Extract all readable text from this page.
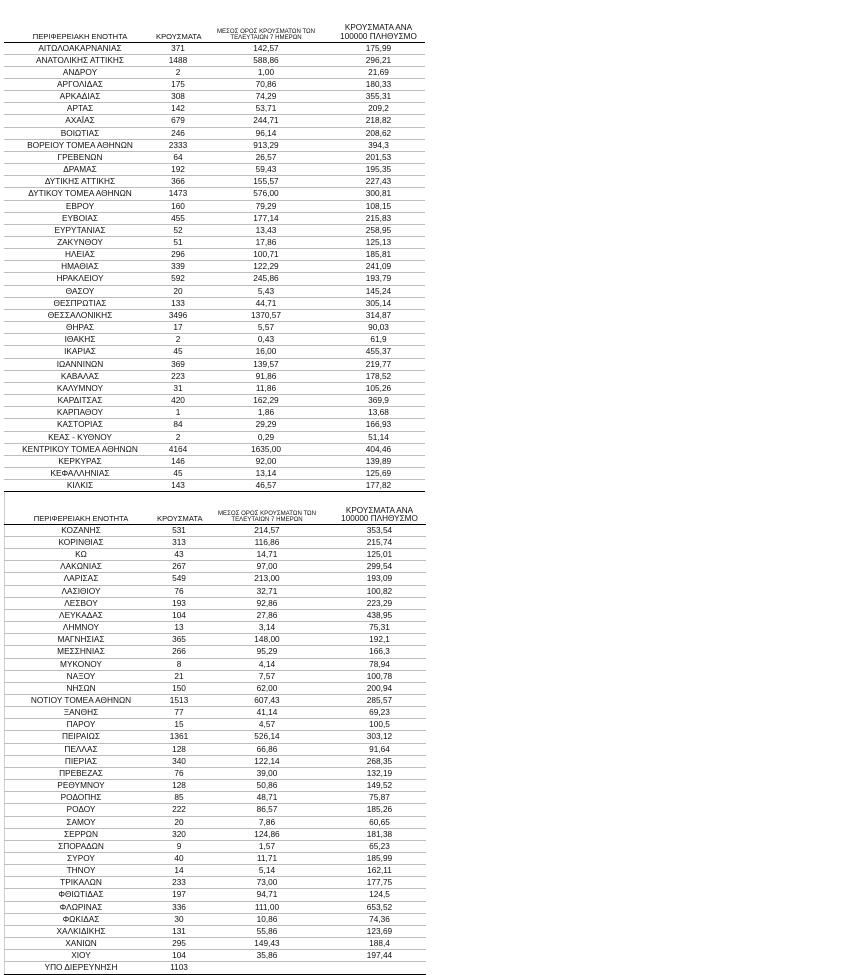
ΠΕΡΙΦΕΡΕΙΑΚΗ ΕΝΟΤΗΤΑ	ΚΡΟΥΣΜΑΤΑ	ΜΕΣΟΣ ΟΡΟΣ ΚΡΟΥΣΜΑΤΩΝ ΤΩΝ ΤΕΛΕΥΤΑΙΩΝ 7 ΗΜΕΡΩΝ	ΚΡΟΥΣΜΑΤΑ ΑΝΑ 100000 ΠΛΗΘΥΣΜΟ
ΑΙΤΩΛΟΑΚΑΡΝΑΝΙΑΣ	371	142,57	175,99
ΑΝΑΤΟΛΙΚΗΣ ΑΤΤΙΚΗΣ	1488	588,86	296,21
ΑΝΔΡΟΥ	2	1,00	21,69
ΑΡΓΟΛΙΔΑΣ	175	70,86	180,33
ΑΡΚΑΔΙΑΣ	308	74,29	355,31
ΑΡΤΑΣ	142	53,71	209,2
ΑΧΑΪΑΣ	679	244,71	218,82
ΒΟΙΩΤΙΑΣ	246	96,14	208,62
ΒΟΡΕΙΟΥ ΤΟΜΕΑ ΑΘΗΝΩΝ	2333	913,29	394,3
ΓΡΕΒΕΝΩΝ	64	26,57	201,53
ΔΡΑΜΑΣ	192	59,43	195,35
ΔΥΤΙΚΗΣ ΑΤΤΙΚΗΣ	366	155,57	227,43
ΔΥΤΙΚΟΥ ΤΟΜΕΑ ΑΘΗΝΩΝ	1473	576,00	300,81
ΕΒΡΟΥ	160	79,29	108,15
ΕΥΒΟΙΑΣ	455	177,14	215,83
ΕΥΡΥΤΑΝΙΑΣ	52	13,43	258,95
ΖΑΚΥΝΘΟΥ	51	17,86	125,13
ΗΛΕΙΑΣ	296	100,71	185,81
ΗΜΑΘΙΑΣ	339	122,29	241,09
ΗΡΑΚΛΕΙΟΥ	592	245,86	193,79
ΘΑΣΟΥ	20	5,43	145,24
ΘΕΣΠΡΩΤΙΑΣ	133	44,71	305,14
ΘΕΣΣΑΛΟΝΙΚΗΣ	3496	1370,57	314,87
ΘΗΡΑΣ	17	5,57	90,03
ΙΘΑΚΗΣ	2	0,43	61,9
ΙΚΑΡΙΑΣ	45	16,00	455,37
ΙΩΑΝΝΙΝΩΝ	369	139,57	219,77
ΚΑΒΑΛΑΣ	223	91,86	178,52
ΚΑΛΥΜΝΟΥ	31	11,86	105,26
ΚΑΡΔΙΤΣΑΣ	420	162,29	369,9
ΚΑΡΠΑΘΟΥ	1	1,86	13,68
ΚΑΣΤΟΡΙΑΣ	84	29,29	166,93
ΚΕΑΣ - ΚΥΘΝΟΥ	2	0,29	51,14
ΚΕΝΤΡΙΚΟΥ ΤΟΜΕΑ ΑΘΗΝΩΝ	4164	1635,00	404,46
ΚΕΡΚΥΡΑΣ	146	92,00	139,89
ΚΕΦΑΛΛΗΝΙΑΣ	45	13,14	125,69
ΚΙΛΚΙΣ	143	46,57	177,82
ΠΕΡΙΦΕΡΕΙΑΚΗ ΕΝΟΤΗΤΑ	ΚΡΟΥΣΜΑΤΑ	ΜΕΣΟΣ ΟΡΟΣ ΚΡΟΥΣΜΑΤΩΝ ΤΩΝ ΤΕΛΕΥΤΑΙΩΝ 7 ΗΜΕΡΩΝ	ΚΡΟΥΣΜΑΤΑ ΑΝΑ 100000 ΠΛΗΘΥΣΜΟ
ΚΟΖΑΝΗΣ	531	214,57	353,54
ΚΟΡΙΝΘΙΑΣ	313	116,86	215,74
ΚΩ	43	14,71	125,01
ΛΑΚΩΝΙΑΣ	267	97,00	299,54
ΛΑΡΙΣΑΣ	549	213,00	193,09
ΛΑΣΙΘΙΟΥ	76	32,71	100,82
ΛΕΣΒΟΥ	193	92,86	223,29
ΛΕΥΚΑΔΑΣ	104	27,86	438,95
ΛΗΜΝΟΥ	13	3,14	75,31
ΜΑΓΝΗΣΙΑΣ	365	148,00	192,1
ΜΕΣΣΗΝΙΑΣ	266	95,29	166,3
ΜΥΚΟΝΟΥ	8	4,14	78,94
ΝΑΞΟΥ	21	7,57	100,78
ΝΗΣΩΝ	150	62,00	200,94
ΝΟΤΙΟΥ ΤΟΜΕΑ ΑΘΗΝΩΝ	1513	607,43	285,57
ΞΑΝΘΗΣ	77	41,14	69,23
ΠΑΡΟΥ	15	4,57	100,5
ΠΕΙΡΑΙΩΣ	1361	526,14	303,12
ΠΕΛΛΑΣ	128	66,86	91,64
ΠΙΕΡΙΑΣ	340	122,14	268,35
ΠΡΕΒΕΖΑΣ	76	39,00	132,19
ΡΕΘΥΜΝΟΥ	128	50,86	149,52
ΡΟΔΟΠΗΣ	85	48,71	75,87
ΡΟΔΟΥ	222	86,57	185,26
ΣΑΜΟΥ	20	7,86	60,65
ΣΕΡΡΩΝ	320	124,86	181,38
ΣΠΟΡΑΔΩΝ	9	1,57	65,23
ΣΥΡΟΥ	40	11,71	185,99
ΤΗΝΟΥ	14	5,14	162,11
ΤΡΙΚΑΛΩΝ	233	73,00	177,75
ΦΘΙΩΤΙΔΑΣ	197	94,71	124,5
ΦΛΩΡΙΝΑΣ	336	111,00	653,52
ΦΩΚΙΔΑΣ	30	10,86	74,36
ΧΑΛΚΙΔΙΚΗΣ	131	55,86	123,69
ΧΑΝΙΩΝ	295	149,43	188,4
ΧΙΟΥ	104	35,86	197,44
ΥΠΟ ΔΙΕΡΕΥΝΗΣΗ	1103		
